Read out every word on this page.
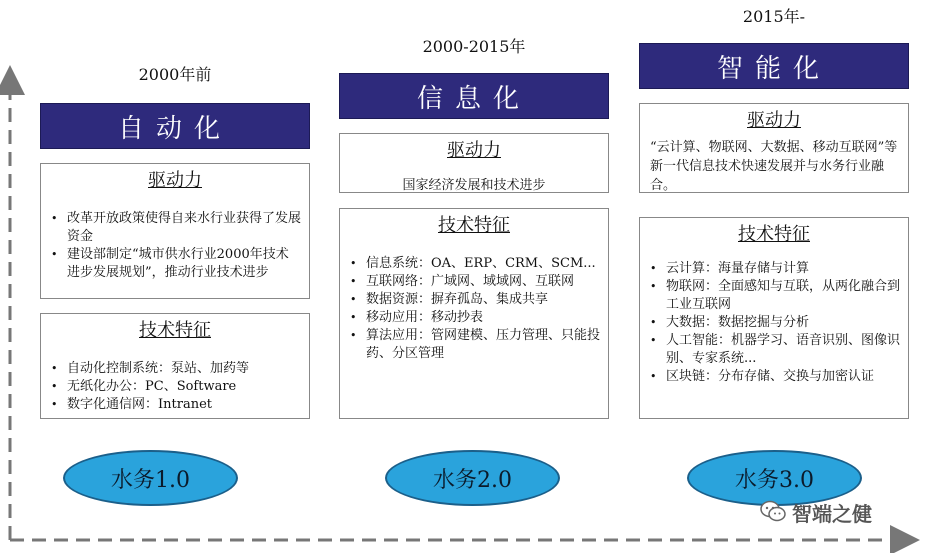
2000年前
自动化
驱动力
• 改革开放政策使得自来水行业获得了发展资金
• 建设部制定“城市供水行业2000年技术进步发展规划”，推动行业技术进步
技术特征
• 自动化控制系统：泵站、加药等
• 无纸化办公：PC、Software
• 数字化通信网：Intranet
水务1.0
2000-2015年
信息化
驱动力
国家经济发展和技术进步
技术特征
• 信息系统：OA、ERP、CRM、SCM...
• 互联网络：广域网、域域网、互联网
• 数据资源：摒弃孤岛、集成共享
• 移动应用：移动抄表
• 算法应用：管网建模、压力管理、只能投药、分区管理
水务2.0
2015年-
智能化
驱动力
“云计算、物联网、大数据、移动互联网”等新一代信息技术快速发展并与水务行业融合。
技术特征
• 云计算：海量存储与计算
• 物联网：全面感知与互联，从两化融合到工业互联网
• 大数据：数据挖掘与分析
• 人工智能：机器学习、语音识别、图像识别、专家系统...
• 区块链：分布存储、交换与加密认证
水务3.0
智端之健
